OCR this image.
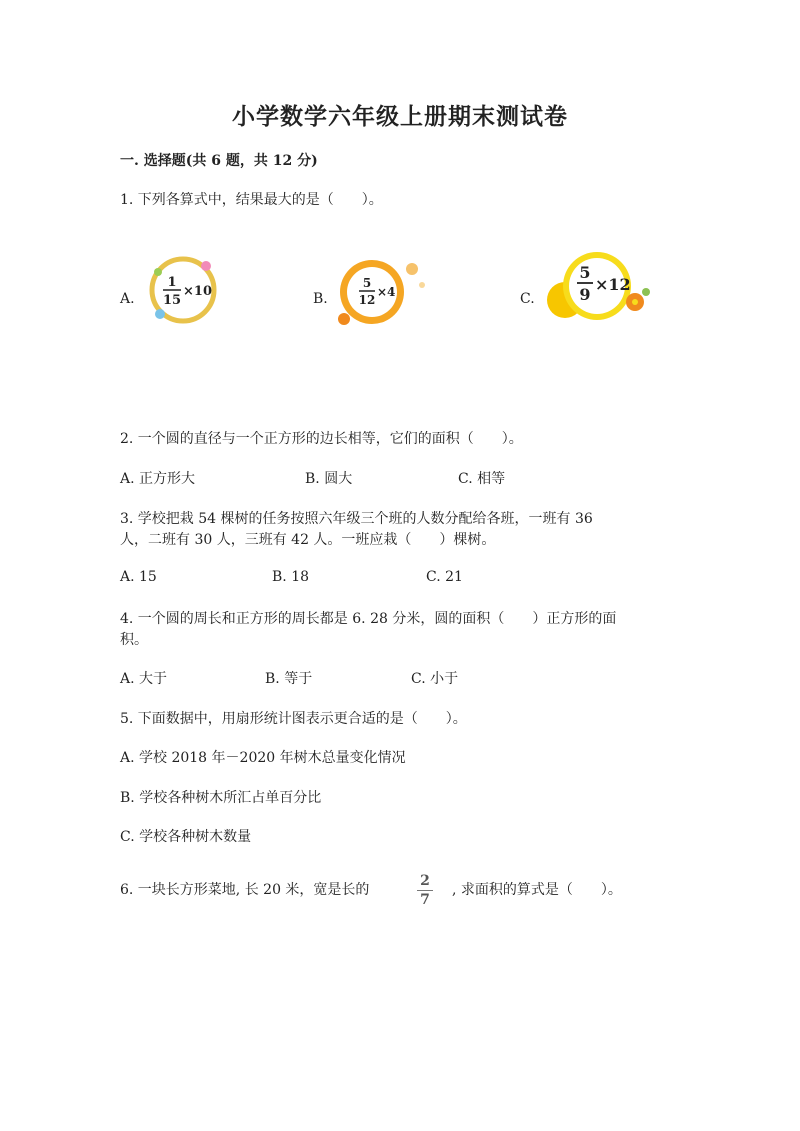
小学数学六年级上册期末测试卷
一. 选择题(共 6 题，共 12 分)
1. 下列各算式中，结果最大的是（　　）。
A.
1
15
×10	B.
5
12
×4	C.
5
9
×12
2. 一个圆的直径与一个正方形的边长相等，它们的面积（　　）。
A. 正方形大	B. 圆大	C. 相等
3. 学校把栽 54 棵树的任务按照六年级三个班的人数分配给各班，一班有 36
人，二班有 30 人，三班有 42 人。一班应栽（　　）棵树。
A. 15	B. 18	C. 21
4. 一个圆的周长和正方形的周长都是 6. 28 分米，圆的面积（　　）正方形的面
积。
A. 大于	B. 等于	C. 小于
5. 下面数据中，用扇形统计图表示更合适的是（　　）。
A. 学校 2018 年－2020 年树木总量变化情况
B. 学校各种树木所汇占单百分比
C. 学校各种树木数量
6. 一块长方形菜地, 长 20 米，宽是长的
2
7
, 求面积的算式是（　　）。
